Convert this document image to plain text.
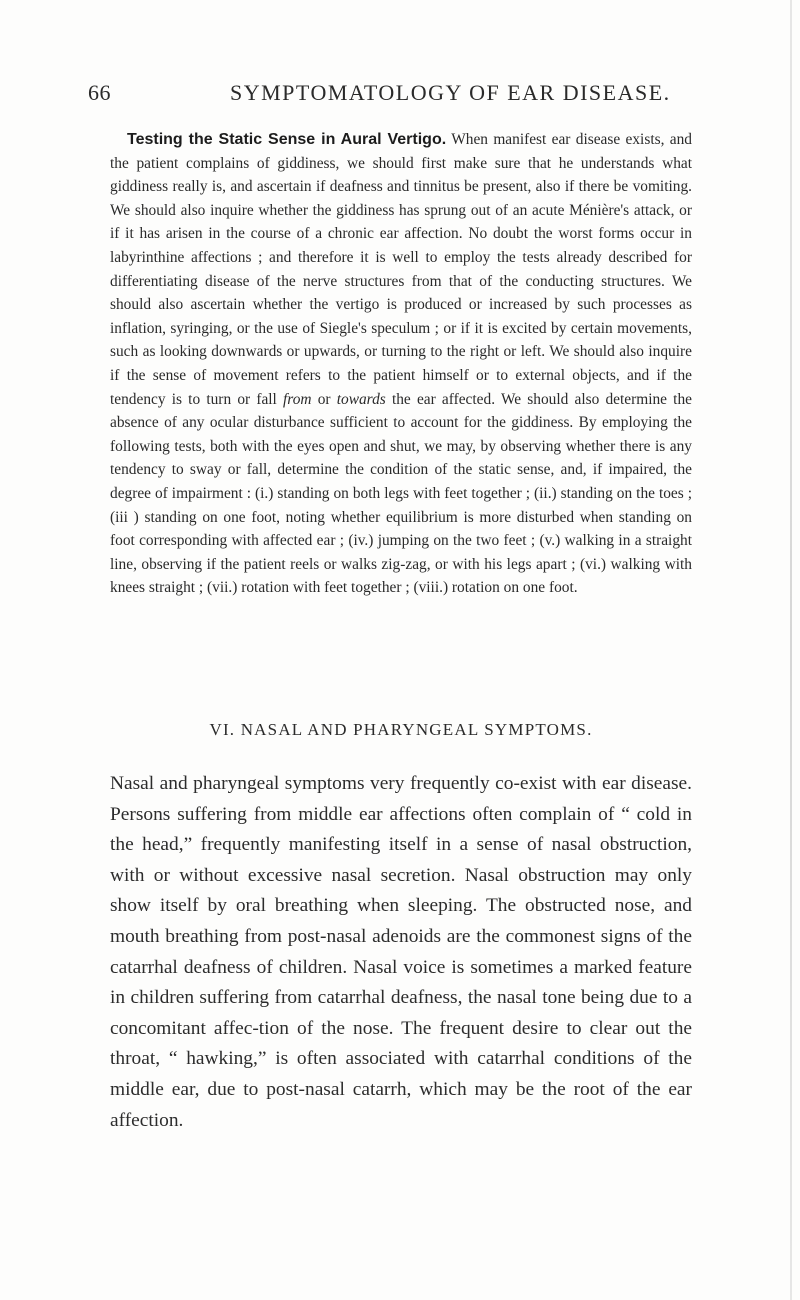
66	SYMPTOMATOLOGY OF EAR DISEASE.

Testing the Static Sense in Aural Vertigo. When manifest ear disease exists, and the patient complains of giddiness, we should first make sure that he understands what giddiness really is, and ascertain if deafness and tinnitus be present, also if there be vomiting. We should also inquire whether the giddiness has sprung out of an acute Ménière's attack, or if it has arisen in the course of a chronic ear affection. No doubt the worst forms occur in labyrinthine affections ; and therefore it is well to employ the tests already described for differentiating disease of the nerve structures from that of the conducting structures. We should also ascertain whether the vertigo is produced or increased by such processes as inflation, syringing, or the use of Siegle's speculum ; or if it is excited by certain movements, such as looking downwards or upwards, or turning to the right or left. We should also inquire if the sense of movement refers to the patient himself or to external objects, and if the tendency is to turn or fall from or towards the ear affected. We should also determine the absence of any ocular disturbance sufficient to account for the giddiness. By employing the following tests, both with the eyes open and shut, we may, by observing whether there is any tendency to sway or fall, determine the condition of the static sense, and, if impaired, the degree of impairment : (i.) standing on both legs with feet together ; (ii.) standing on the toes ; (iii ) standing on one foot, noting whether equilibrium is more disturbed when standing on foot corresponding with affected ear ; (iv.) jumping on the two feet ; (v.) walking in a straight line, observing if the patient reels or walks zig-zag, or with his legs apart ; (vi.) walking with knees straight ; (vii.) rotation with feet together ; (viii.) rotation on one foot.

VI. NASAL AND PHARYNGEAL SYMPTOMS.

Nasal and pharyngeal symptoms very frequently co-exist with ear disease. Persons suffering from middle ear affections often complain of “ cold in the head,” frequently manifesting itself in a sense of nasal obstruction, with or without excessive nasal secretion. Nasal obstruction may only show itself by oral breathing when sleeping. The obstructed nose, and mouth breathing from post-nasal adenoids are the commonest signs of the catarrhal deafness of children. Nasal voice is sometimes a marked feature in children suffering from catarrhal deafness, the nasal tone being due to a concomitant affec-tion of the nose. The frequent desire to clear out the throat, “ hawking,” is often associated with catarrhal conditions of the middle ear, due to post-nasal catarrh, which may be the root of the ear affection.
